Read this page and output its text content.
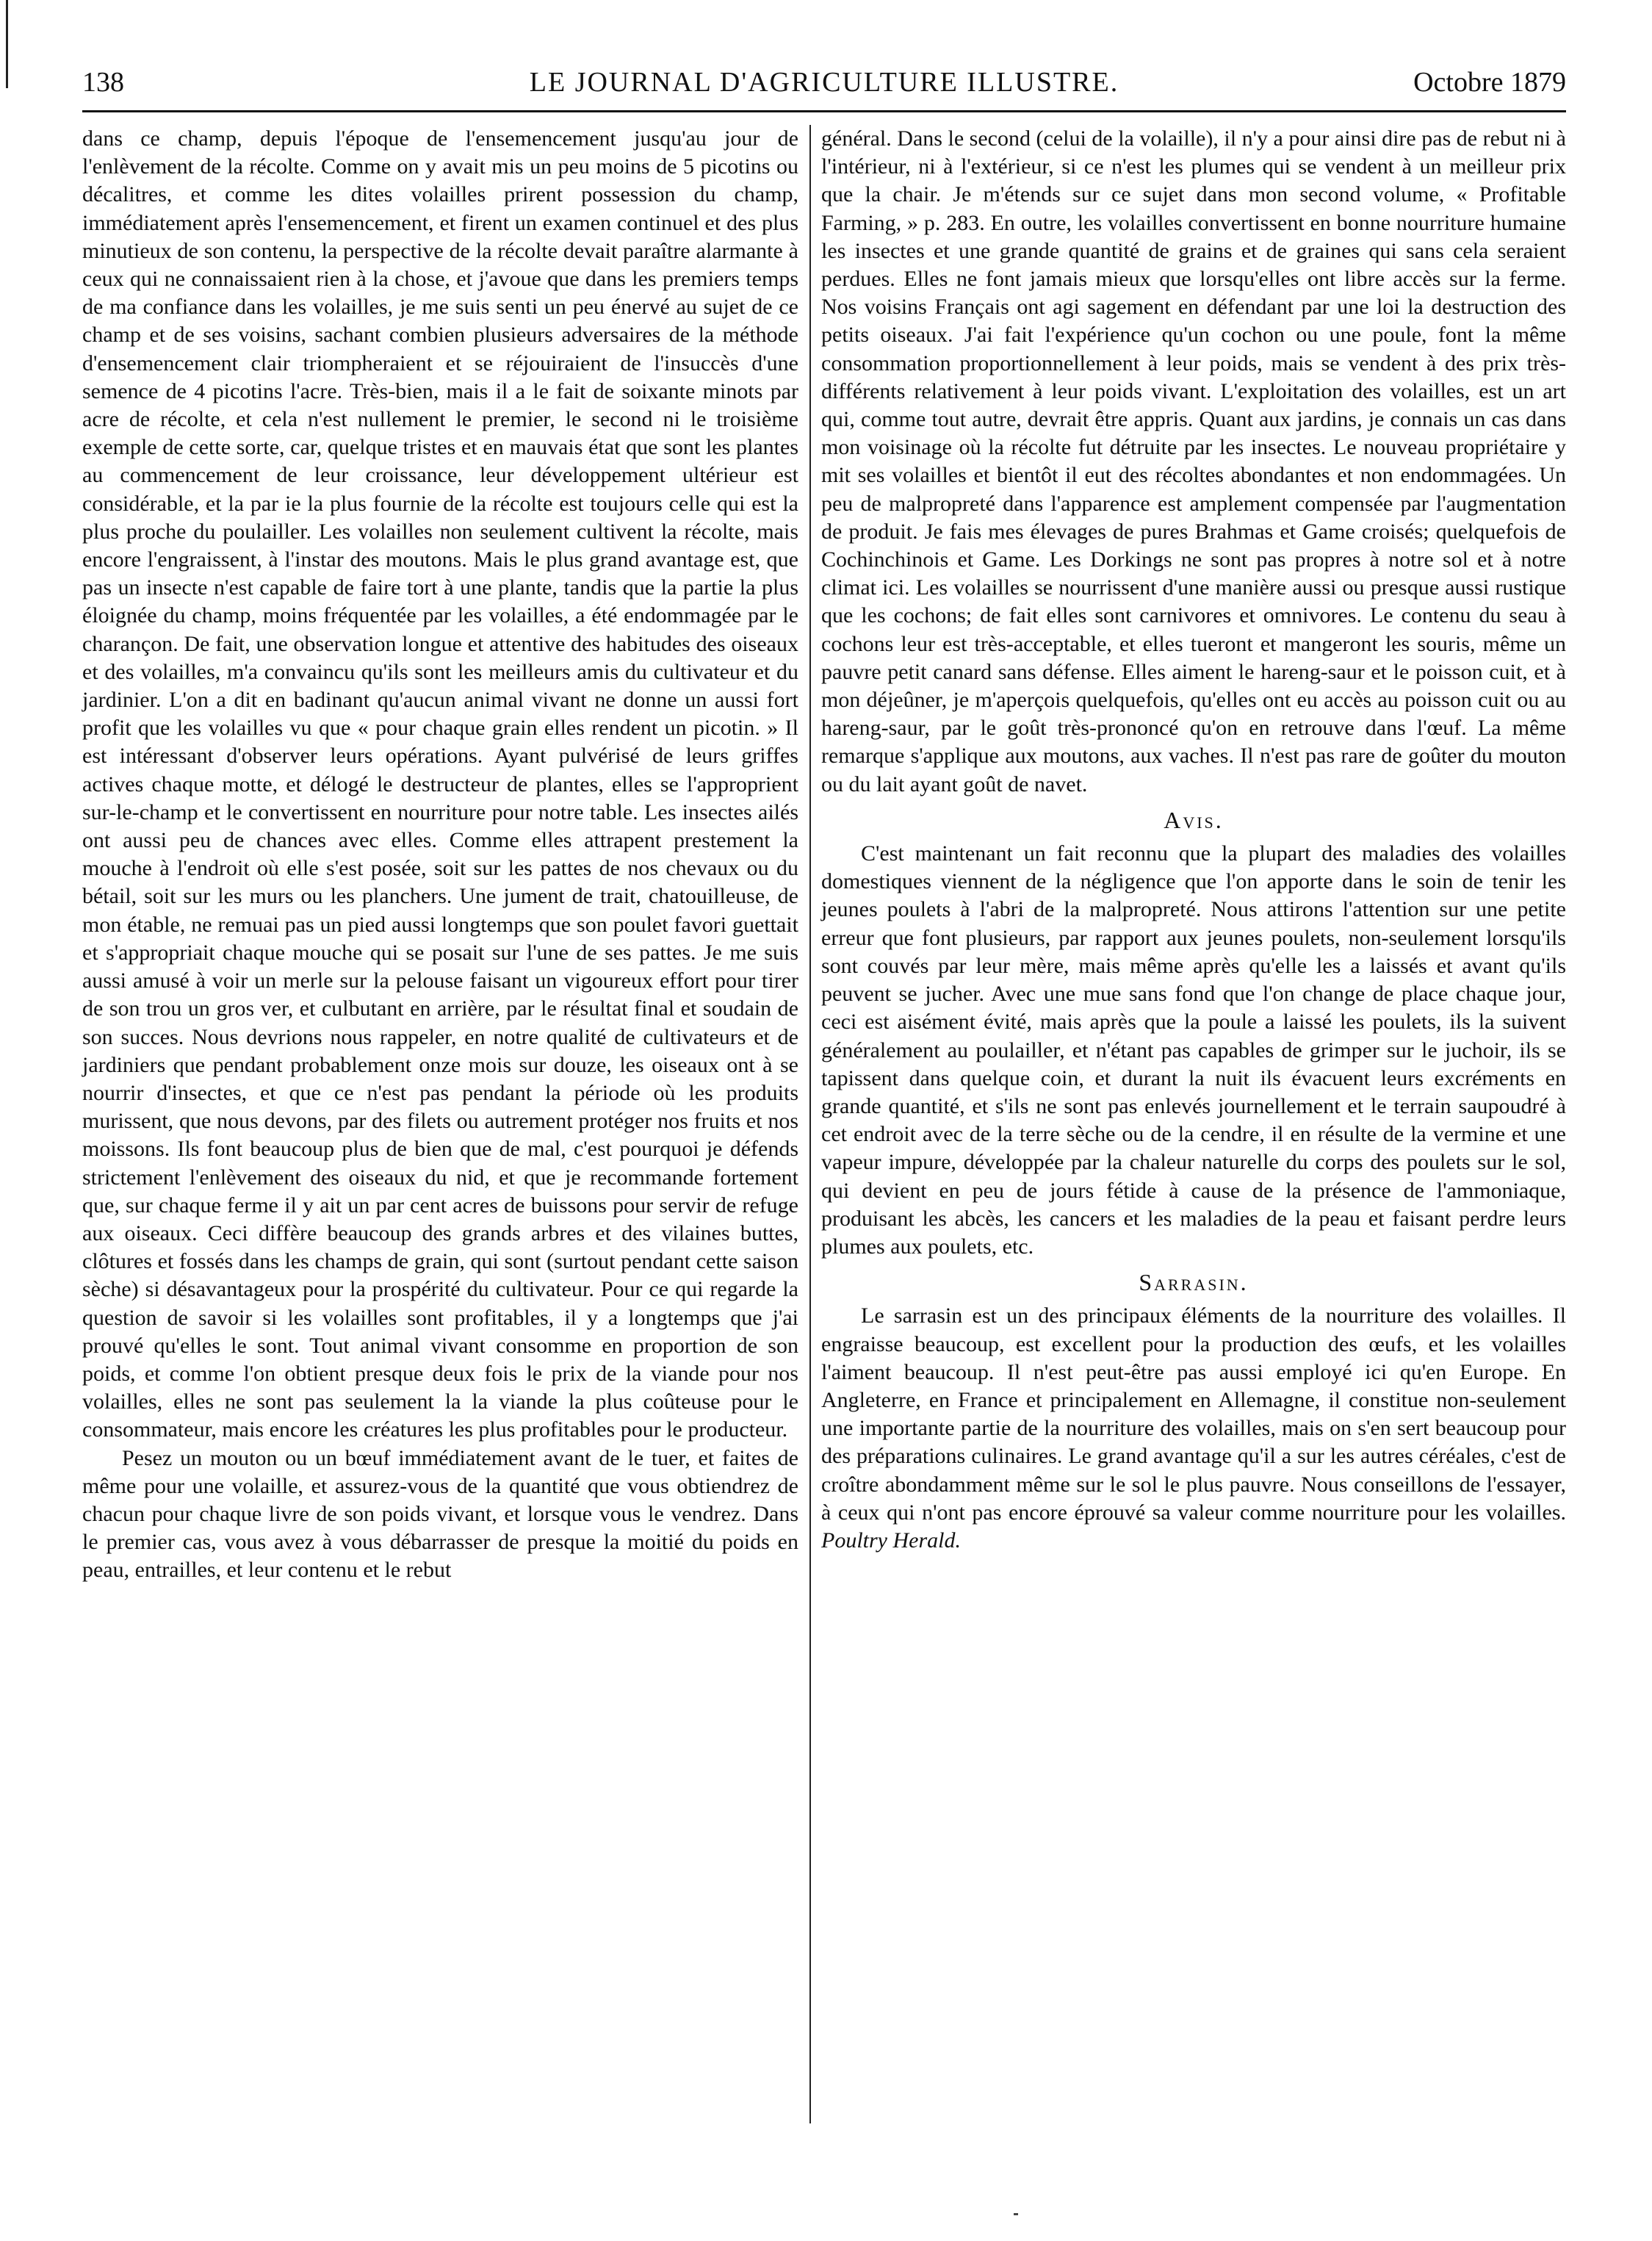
138	LE JOURNAL D'AGRICULTURE ILLUSTRE.	Octobre 1879

dans ce champ, depuis l'époque de l'ensemencement jusqu'au jour de l'enlèvement de la récolte. Comme on y avait mis un peu moins de 5 picotins ou décalitres, et comme les dites volailles prirent possession du champ, immédiatement après l'ensemencement, et firent un examen continuel et des plus minutieux de son contenu, la perspective de la récolte devait paraître alarmante à ceux qui ne connaissaient rien à la chose, et j'avoue que dans les premiers temps de ma confiance dans les volailles, je me suis senti un peu énervé au sujet de ce champ et de ses voisins, sachant combien plusieurs adversaires de la méthode d'ensemencement clair triompheraient et se réjouiraient de l'insuccès d'une semence de 4 picotins l'acre. Très-bien, mais il a le fait de soixante minots par acre de récolte, et cela n'est nullement le premier, le second ni le troisième exemple de cette sorte, car, quelque tristes et en mauvais état que sont les plantes au commencement de leur croissance, leur développement ultérieur est considérable, et la par ie la plus fournie de la récolte est toujours celle qui est la plus proche du poulailler. Les volailles non seulement cultivent la récolte, mais encore l'engraissent, à l'instar des moutons. Mais le plus grand avantage est, que pas un insecte n'est capable de faire tort à une plante, tandis que la partie la plus éloignée du champ, moins fréquentée par les volailles, a été endommagée par le charançon. De fait, une observation longue et attentive des habitudes des oiseaux et des volailles, m'a convaincu qu'ils sont les meilleurs amis du cultivateur et du jardinier. L'on a dit en badinant qu'aucun animal vivant ne donne un aussi fort profit que les volailles vu que « pour chaque grain elles rendent un picotin. » Il est intéressant d'observer leurs opérations. Ayant pulvérisé de leurs griffes actives chaque motte, et délogé le destructeur de plantes, elles se l'approprient sur-le-champ et le convertissent en nourriture pour notre table. Les insectes ailés ont aussi peu de chances avec elles. Comme elles attrapent prestement la mouche à l'endroit où elle s'est posée, soit sur les pattes de nos chevaux ou du bétail, soit sur les murs ou les planchers. Une jument de trait, chatouilleuse, de mon étable, ne remuai pas un pied aussi longtemps que son poulet favori guettait et s'appropriait chaque mouche qui se posait sur l'une de ses pattes. Je me suis aussi amusé à voir un merle sur la pelouse faisant un vigoureux effort pour tirer de son trou un gros ver, et culbutant en arrière, par le résultat final et soudain de son succes. Nous devrions nous rappeler, en notre qualité de cultivateurs et de jardiniers que pendant probablement onze mois sur douze, les oiseaux ont à se nourrir d'insectes, et que ce n'est pas pendant la période où les produits murissent, que nous devons, par des filets ou autrement protéger nos fruits et nos moissons. Ils font beaucoup plus de bien que de mal, c'est pourquoi je défends strictement l'enlèvement des oiseaux du nid, et que je recommande fortement que, sur chaque ferme il y ait un par cent acres de buissons pour servir de refuge aux oiseaux. Ceci diffère beaucoup des grands arbres et des vilaines buttes, clôtures et fossés dans les champs de grain, qui sont (surtout pendant cette saison sèche) si désavantageux pour la prospérité du cultivateur. Pour ce qui regarde la question de savoir si les volailles sont profitables, il y a longtemps que j'ai prouvé qu'elles le sont. Tout animal vivant consomme en proportion de son poids, et comme l'on obtient presque deux fois le prix de la viande pour nos volailles, elles ne sont pas seulement la la viande la plus coûteuse pour le consommateur, mais encore les créatures les plus profitables pour le producteur.

Pesez un mouton ou un bœuf immédiatement avant de le tuer, et faites de même pour une volaille, et assurez-vous de la quantité que vous obtiendrez de chacun pour chaque livre de son poids vivant, et lorsque vous le vendrez. Dans le premier cas, vous avez à vous débarrasser de presque la moitié du poids en peau, entrailles, et leur contenu et le rebut

général. Dans le second (celui de la volaille), il n'y a pour ainsi dire pas de rebut ni à l'intérieur, ni à l'extérieur, si ce n'est les plumes qui se vendent à un meilleur prix que la chair. Je m'étends sur ce sujet dans mon second volume, « Profitable Farming, » p. 283. En outre, les volailles convertissent en bonne nourriture humaine les insectes et une grande quantité de grains et de graines qui sans cela seraient perdues. Elles ne font jamais mieux que lorsqu'elles ont libre accès sur la ferme. Nos voisins Français ont agi sagement en défendant par une loi la destruction des petits oiseaux. J'ai fait l'expérience qu'un cochon ou une poule, font la même consommation proportionnellement à leur poids, mais se vendent à des prix très-différents relativement à leur poids vivant. L'exploitation des volailles, est un art qui, comme tout autre, devrait être appris. Quant aux jardins, je connais un cas dans mon voisinage où la récolte fut détruite par les insectes. Le nouveau propriétaire y mit ses volailles et bientôt il eut des récoltes abondantes et non endommagées. Un peu de malpropreté dans l'apparence est amplement compensée par l'augmentation de produit. Je fais mes élevages de pures Brahmas et Game croisés; quelquefois de Cochinchinois et Game. Les Dorkings ne sont pas propres à notre sol et à notre climat ici. Les volailles se nourrissent d'une manière aussi ou presque aussi rustique que les cochons; de fait elles sont carnivores et omnivores. Le contenu du seau à cochons leur est très-acceptable, et elles tueront et mangeront les souris, même un pauvre petit canard sans défense. Elles aiment le hareng-saur et le poisson cuit, et à mon déjeûner, je m'aperçois quelquefois, qu'elles ont eu accès au poisson cuit ou au hareng-saur, par le goût très-prononcé qu'on en retrouve dans l'œuf. La même remarque s'applique aux moutons, aux vaches. Il n'est pas rare de goûter du mouton ou du lait ayant goût de navet.

Avis.

C'est maintenant un fait reconnu que la plupart des maladies des volailles domestiques viennent de la négligence que l'on apporte dans le soin de tenir les jeunes poulets à l'abri de la malpropreté. Nous attirons l'attention sur une petite erreur que font plusieurs, par rapport aux jeunes poulets, non-seulement lorsqu'ils sont couvés par leur mère, mais même après qu'elle les a laissés et avant qu'ils peuvent se jucher. Avec une mue sans fond que l'on change de place chaque jour, ceci est aisément évité, mais après que la poule a laissé les poulets, ils la suivent généralement au poulailler, et n'étant pas capables de grimper sur le juchoir, ils se tapissent dans quelque coin, et durant la nuit ils évacuent leurs excréments en grande quantité, et s'ils ne sont pas enlevés journellement et le terrain saupoudré à cet endroit avec de la terre sèche ou de la cendre, il en résulte de la vermine et une vapeur impure, développée par la chaleur naturelle du corps des poulets sur le sol, qui devient en peu de jours fétide à cause de la présence de l'ammoniaque, produisant les abcès, les cancers et les maladies de la peau et faisant perdre leurs plumes aux poulets, etc.

Sarrasin.

Le sarrasin est un des principaux éléments de la nourriture des volailles. Il engraisse beaucoup, est excellent pour la production des œufs, et les volailles l'aiment beaucoup. Il n'est peut-être pas aussi employé ici qu'en Europe. En Angleterre, en France et principalement en Allemagne, il constitue non-seulement une importante partie de la nourriture des volailles, mais on s'en sert beaucoup pour des préparations culinaires. Le grand avantage qu'il a sur les autres céréales, c'est de croître abondamment même sur le sol le plus pauvre. Nous conseillons de l'essayer, à ceux qui n'ont pas encore éprouvé sa valeur comme nourriture pour les volailles. Poultry Herald.
